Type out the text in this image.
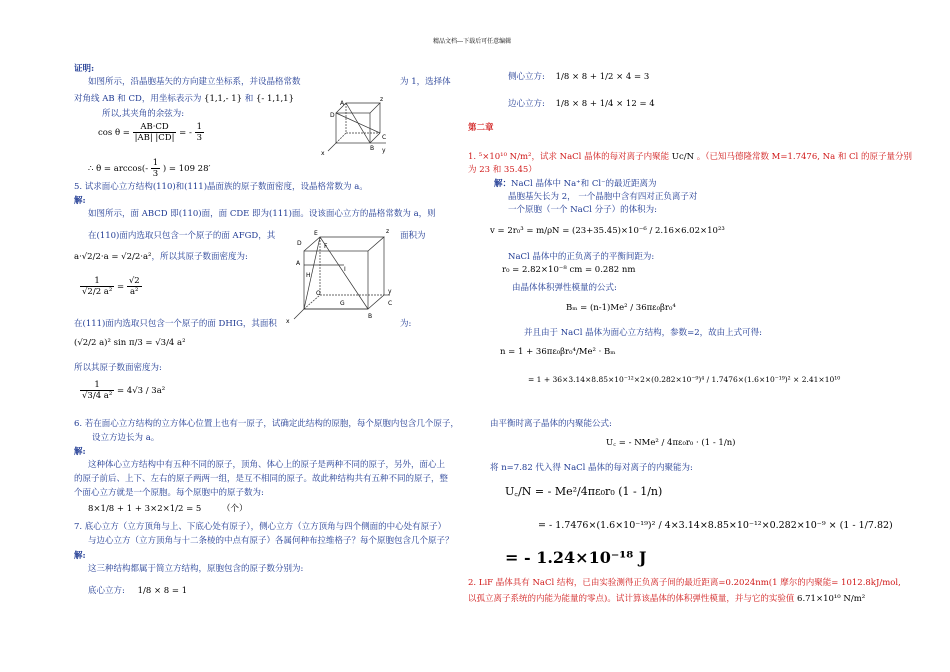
精品文档---下载后可任意编辑
证明:
如图所示，沿晶胞基矢的方向建立坐标系，并设晶格常数	为 1，选择体
对角线 AB 和 CD，用坐标表示为 {1,1,- 1} 和 {- 1,1,1}
所以,其夹角的余弦为:
$\cos \theta = \frac{AB\cdot CD}{|AB| |CD|}$ = - $\frac{1}{3}$
∴ $\theta = \arccos(- \frac{1}{3}$ ) = 109 28′
A
B
C
D
x	y
z
5. 试求面心立方结构(110)和(111)晶面族的原子数面密度，设晶格常数为 a。
解:
如图所示，面 ABCD 即(110)面，面 CDE 即为(111)面。设该面心立方的晶格常数为 a，则
在(110)面内选取只包含一个原子的面 AFGD，其	面积为
a·√2/2·a = √2/2·a²，所以其原子数面密度为:
$\frac{1}{\text{√2/2 a²}} = \frac{√2}{\text{a²}}$
E
F
H
I
D
A
O
G
B
C
x
y
z
在(111)面内选取只包含一个原子的面 DHIG，其面积	为:
(√2/2 a)² sin π/3 = √3/4 a²
所以其原子数面密度为:
$\frac{1}{\text{√3/4 a²}} = 4√3 / 3a^2$
6. 若在面心立方结构的立方体心位置上也有一原子，试确定此结构的原胞，每个原胞内包含几个原子，
设立方边长为 a。
解:
这种体心立方结构中有五种不同的原子，顶角、体心上的原子是两种不同的原子，另外，面心上
的原子前后、上下、左右的原子两两一组，是互不相同的原子。故此种结构共有五种不同的原子，整
个面心立方就是一个原胞。每个原胞中的原子数为:
8×1/8 + 1 + 3×2×1/2 = 5 （个）
7. 底心立方（立方顶角与上、下底心处有原子），侧心立方（立方顶角与四个侧面的中心处有原子）
与边心立方（立方顶角与十二条棱的中点有原子）各属何种布拉维格子？每个原胞包含几个原子？
解:
这三种结构都属于简立方结构，原胞包含的原子数分别为:
底心立方: 1/8 × 8 = 1
侧心立方: 1/8 × 8 + 1/2 × 4 = 3
边心立方: 1/8 × 8 + 1/4 × 12 = 4
第二章
1. ⁵×10¹⁰ N/m²，试求 NaCl 晶体的每对离子内聚能 Uc/N 。（已知马德隆常数 M=1.7476, Na 和 Cl 的原子量分别
为 23 和 35.45）
解：NaCl 晶体中 Na⁺和 Cl⁻的最近距离为
晶胞基矢长为 2， 一个晶胞中含有四对正负离子对
一个原胞（一个 NaCl 分子）的体积为:
v = 2r₀³ = m/ρN = (23+35.45)×10⁻⁶ / 2.16×6.02×10²³
NaCl 晶体中的正负离子的平衡间距为:
r₀ = 2.82×10⁻⁸ cm = 0.282 nm
由晶体体积弹性模量的公式:
Bₘ = (n-1)Me² / 36πε₀βr₀⁴
并且由于 NaCl 晶体为面心立方结构，参数=2，故由上式可得:
n = 1 + 36πε₀βr₀⁴/Me² · Bₘ
= 1 + 36×3.14×8.85×10⁻¹²×2×(0.282×10⁻⁹)⁴ / 1.7476×(1.6×10⁻¹⁹)² × 2.41×10¹⁰
由平衡时离子晶体的内聚能公式:
U꜀ = - NMe² / 4πε₀r₀ · (1 - 1/n)
将 n=7.82 代入得 NaCl 晶体的每对离子的内聚能为:
U꜀/N = - Me²/4πε₀r₀ (1 - 1/n)
= - 1.7476×(1.6×10⁻¹⁹)² / 4×3.14×8.85×10⁻¹²×0.282×10⁻⁹ × (1 - 1/7.82)
= - 1.24×10⁻¹⁸ J
2. LiF 晶体具有 NaCl 结构，已由实验测得正负离子间的最近距离=0.2024nm(1 摩尔的内聚能= 1012.8kJ/mol,
以孤立离子系统的内能为能量的零点)。试计算该晶体的体积弹性模量，并与它的实验值 6.71×10¹⁰ N/m²
